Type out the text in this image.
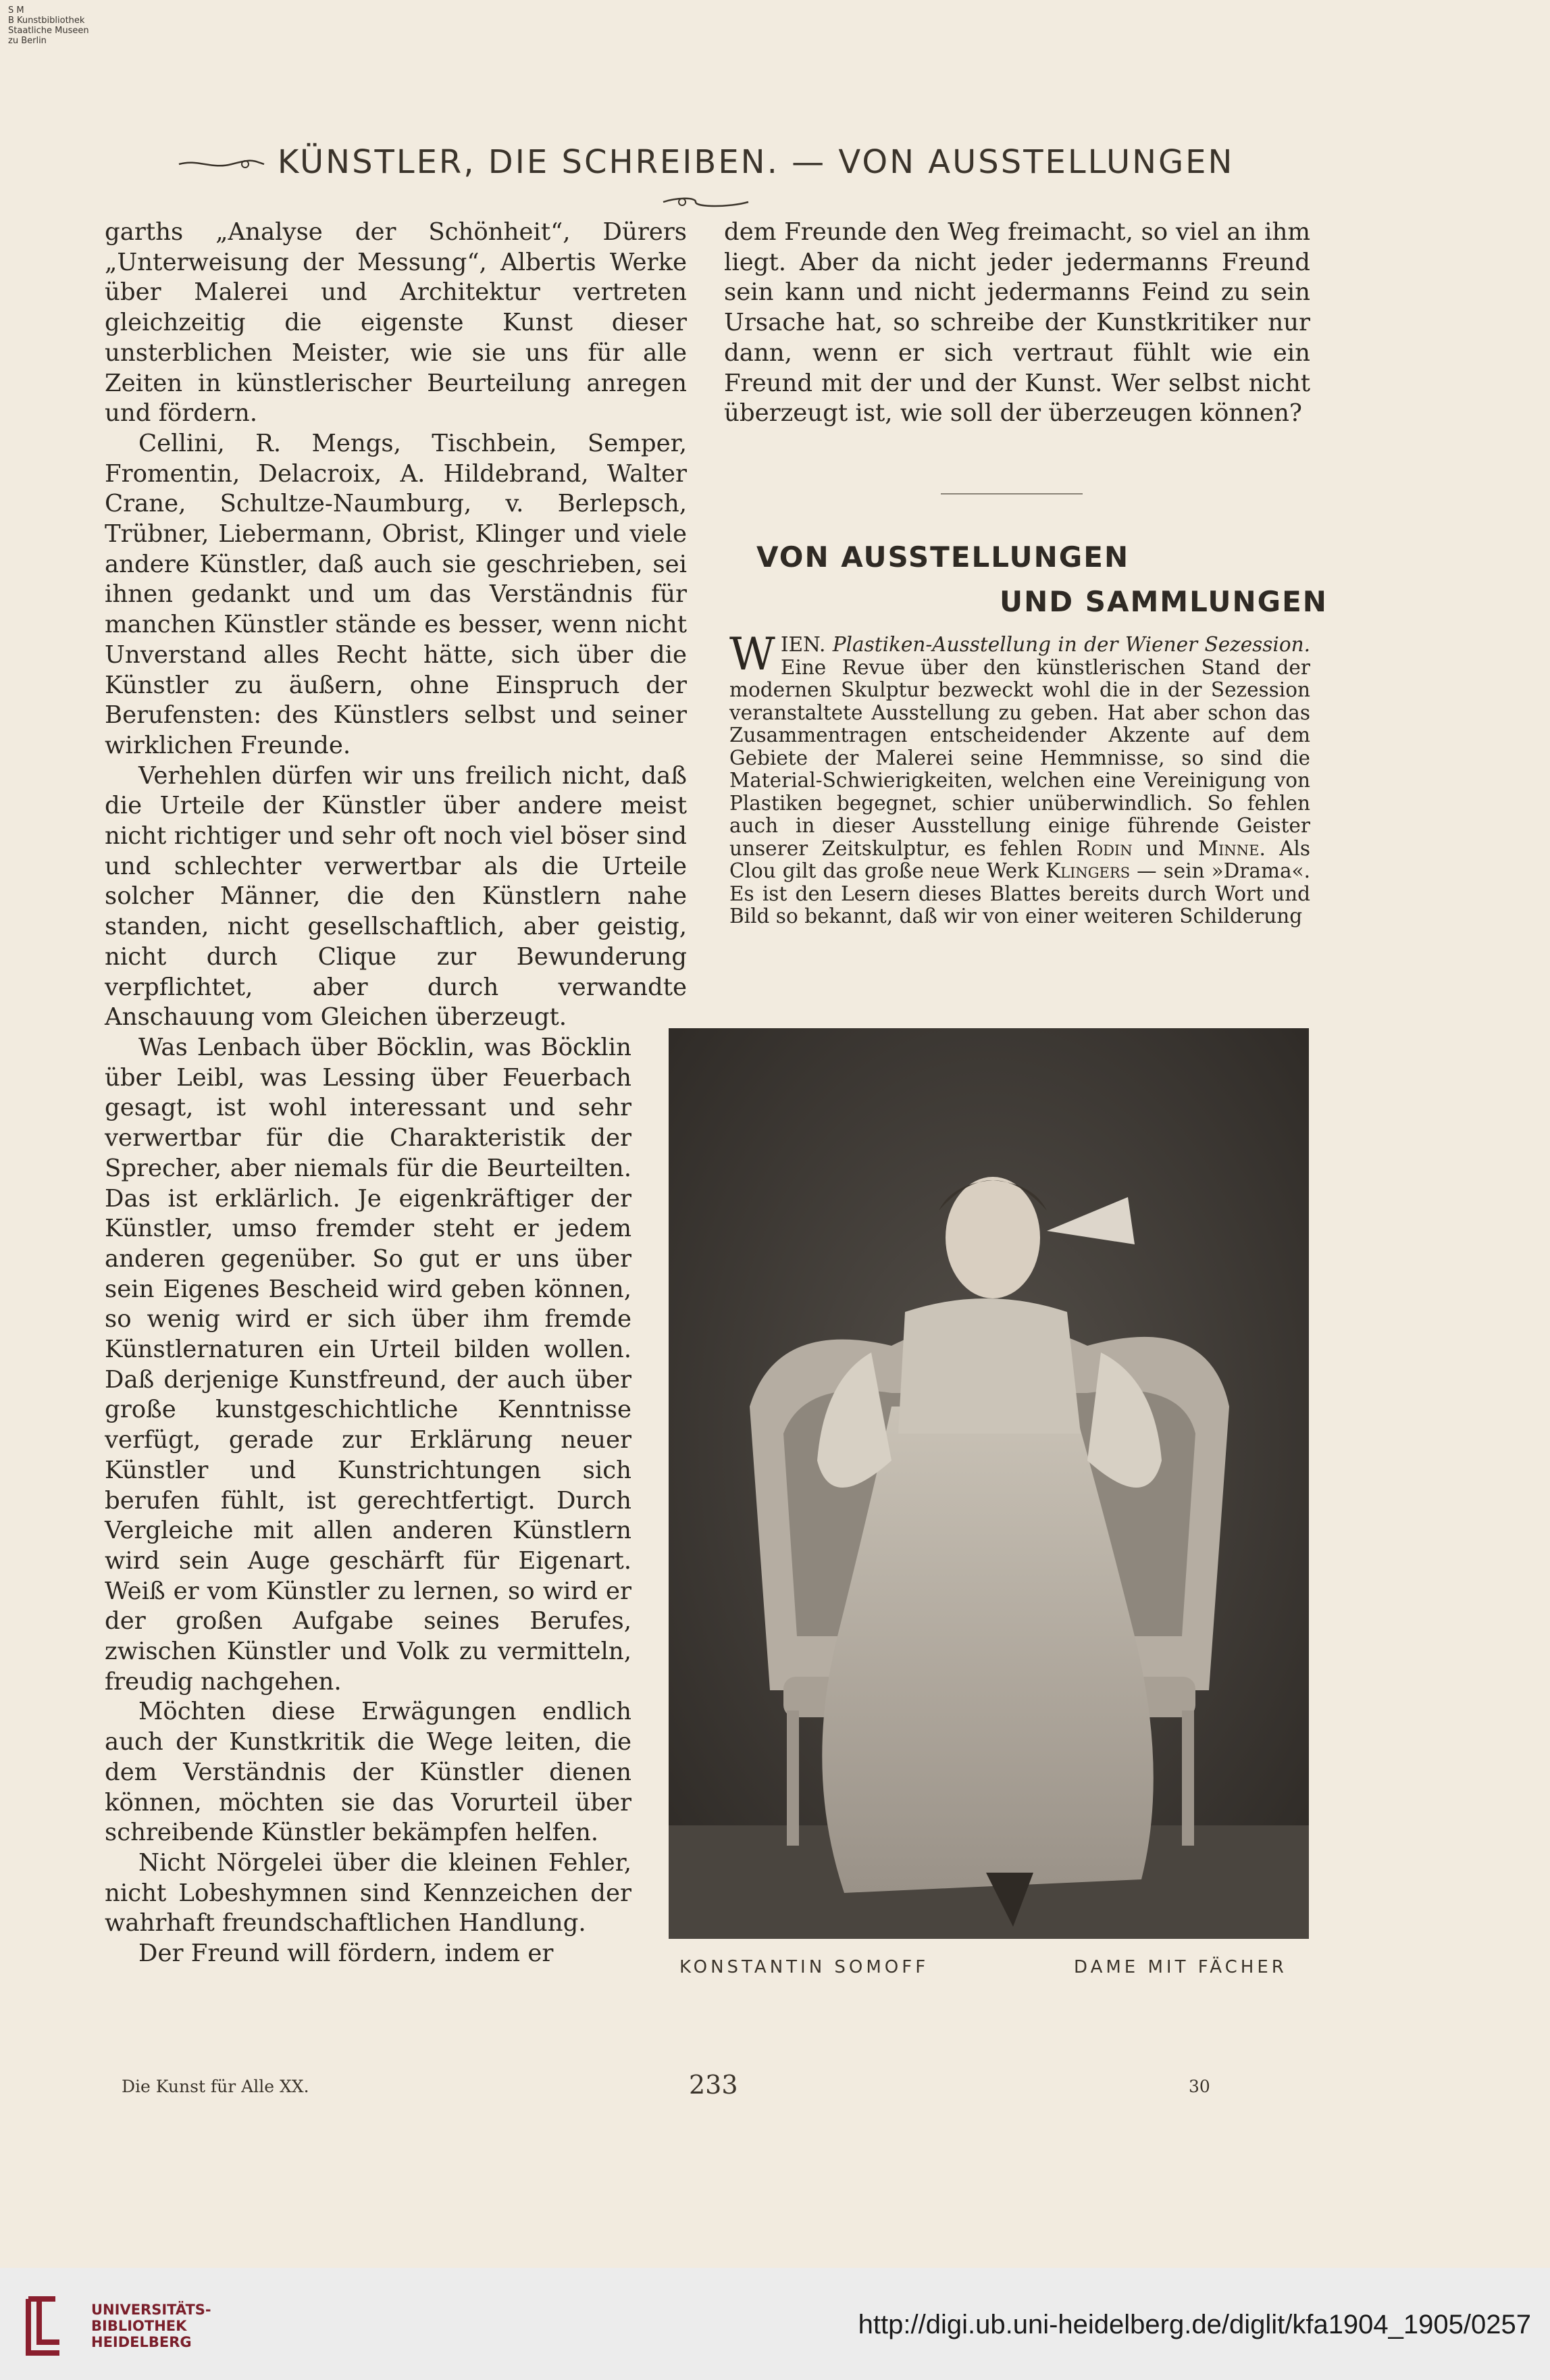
S M
B Kunstbibliothek
Staatliche Museen
zu Berlin
KÜNSTLER, DIE SCHREIBEN. — VON AUSSTELLUNGEN

garths „Analyse der Schönheit“, Dürers „Unterweisung der Messung“, Albertis Werke über Malerei und Architektur vertreten gleichzeitig die eigenste Kunst dieser unsterblichen Meister, wie sie uns für alle Zeiten in künstlerischer Beurteilung anregen und fördern.

Cellini, R. Mengs, Tischbein, Semper, Fromentin, Delacroix, A. Hildebrand, Walter Crane, Schultze-Naumburg, v. Berlepsch, Trübner, Liebermann, Obrist, Klinger und viele andere Künstler, daß auch sie geschrieben, sei ihnen gedankt und um das Verständnis für manchen Künstler stände es besser, wenn nicht Unverstand alles Recht hätte, sich über die Künstler zu äußern, ohne Einspruch der Berufensten: des Künstlers selbst und seiner wirklichen Freunde.

Verhehlen dürfen wir uns freilich nicht, daß die Urteile der Künstler über andere meist nicht richtiger und sehr oft noch viel böser sind und schlechter verwertbar als die Urteile solcher Männer, die den Künstlern nahe standen, nicht gesellschaftlich, aber geistig, nicht durch Clique zur Bewunderung verpflichtet, aber durch verwandte Anschauung vom Gleichen überzeugt.

Was Lenbach über Böcklin, was Böcklin über Leibl, was Lessing über Feuerbach gesagt, ist wohl interessant und sehr verwertbar für die Charakteristik der Sprecher, aber niemals für die Beurteilten. Das ist erklärlich. Je eigenkräftiger der Künstler, umso fremder steht er jedem anderen gegenüber. So gut er uns über sein Eigenes Bescheid wird geben können, so wenig wird er sich über ihm fremde Künstlernaturen ein Urteil bilden wollen. Daß derjenige Kunstfreund, der auch über große kunstgeschichtliche Kenntnisse verfügt, gerade zur Erklärung neuer Künstler und Kunstrichtungen sich berufen fühlt, ist gerechtfertigt. Durch Vergleiche mit allen anderen Künstlern wird sein Auge geschärft für Eigenart. Weiß er vom Künstler zu lernen, so wird er der großen Aufgabe seines Berufes, zwischen Künstler und Volk zu vermitteln, freudig nachgehen.

Möchten diese Erwägungen endlich auch der Kunstkritik die Wege leiten, die dem Verständnis der Künstler dienen können, möchten sie das Vorurteil über schreibende Künstler bekämpfen helfen.

Nicht Nörgelei über die kleinen Fehler, nicht Lobeshymnen sind Kennzeichen der wahrhaft freundschaftlichen Handlung.

Der Freund will fördern, indem er

dem Freunde den Weg freimacht, so viel an ihm liegt. Aber da nicht jeder jedermanns Freund sein kann und nicht jedermanns Feind zu sein Ursache hat, so schreibe der Kunstkritiker nur dann, wenn er sich vertraut fühlt wie ein Freund mit der und der Kunst. Wer selbst nicht überzeugt ist, wie soll der überzeugen können?

VON AUSSTELLUNGEN
UND SAMMLUNGEN

W IEN. Plastiken-Ausstellung in der Wiener Sezession. Eine Revue über den künstlerischen Stand der modernen Skulptur bezweckt wohl die in der Sezession veranstaltete Ausstellung zu geben. Hat aber schon das Zusammentragen entscheidender Akzente auf dem Gebiete der Malerei seine Hemmnisse, so sind die Material-Schwierigkeiten, welchen eine Vereinigung von Plastiken begegnet, schier unüberwindlich. So fehlen auch in dieser Ausstellung einige führende Geister unserer Zeitskulptur, es fehlen Rodin und Minne. Als Clou gilt das große neue Werk Klingers — sein »Drama«. Es ist den Lesern dieses Blattes bereits durch Wort und Bild so bekannt, daß wir von einer weiteren Schilderung

KONSTANTIN SOMOFF	DAME MIT FÄCHER
Die Kunst für Alle XX.	233	30
UNIVERSITÄTS-
BIBLIOTHEK
HEIDELBERG
http://digi.ub.uni-heidelberg.de/diglit/kfa1904_1905/0257
